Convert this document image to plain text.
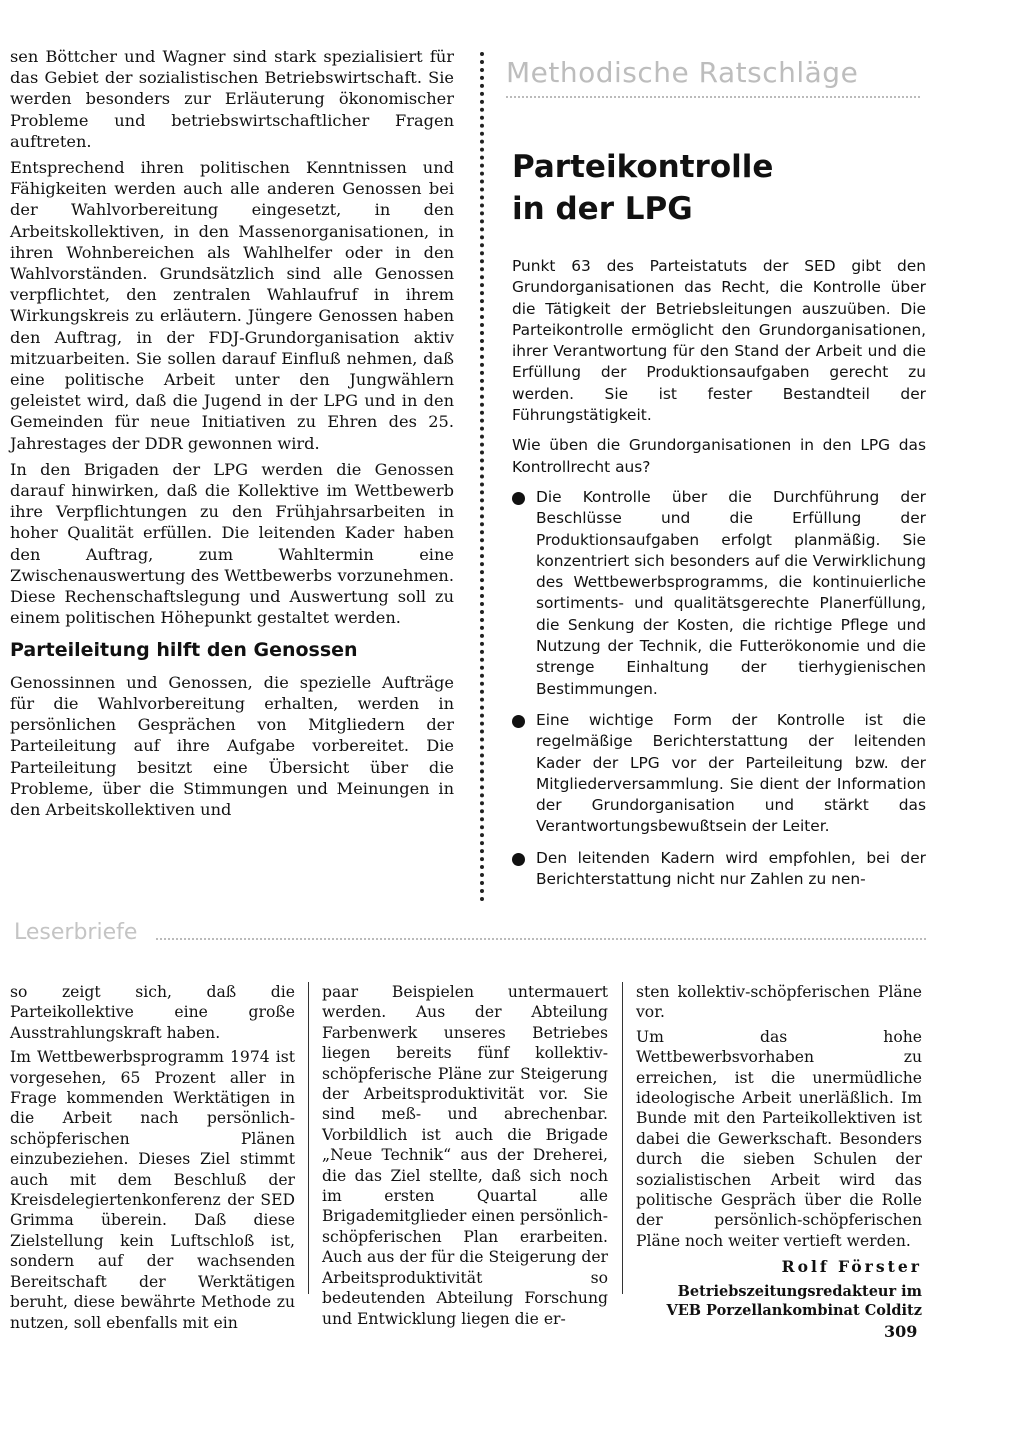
sen Böttcher und Wagner sind stark spezialisiert für das Gebiet der sozialistischen Betriebswirtschaft. Sie werden besonders zur Erläuterung ökonomischer Probleme und betriebswirtschaftlicher Fragen auftreten.

Entsprechend ihren politischen Kenntnissen und Fähigkeiten werden auch alle anderen Genossen bei der Wahlvorbereitung eingesetzt, in den Arbeitskollektiven, in den Massenorganisationen, in ihren Wohnbereichen als Wahlhelfer oder in den Wahlvorständen. Grundsätzlich sind alle Genossen verpflichtet, den zentralen Wahlaufruf in ihrem Wirkungskreis zu erläutern. Jüngere Genossen haben den Auftrag, in der FDJ-Grundorganisation aktiv mitzuarbeiten. Sie sollen darauf Einfluß nehmen, daß eine politische Arbeit unter den Jungwählern geleistet wird, daß die Jugend in der LPG und in den Gemeinden für neue Initiativen zu Ehren des 25. Jahrestages der DDR gewonnen wird.

In den Brigaden der LPG werden die Genossen darauf hinwirken, daß die Kollektive im Wettbewerb ihre Verpflichtungen zu den Frühjahrsarbeiten in hoher Qualität erfüllen. Die leitenden Kader haben den Auftrag, zum Wahltermin eine Zwischenauswertung des Wettbewerbs vorzunehmen. Diese Rechenschaftslegung und Auswertung soll zu einem politischen Höhepunkt gestaltet werden.

Parteileitung hilft den Genossen

Genossinnen und Genossen, die spezielle Aufträge für die Wahlvorbereitung erhalten, werden in persönlichen Gesprächen von Mitgliedern der Parteileitung auf ihre Aufgabe vorbereitet. Die Parteileitung besitzt eine Übersicht über die Probleme, über die Stimmungen und Meinungen in den Arbeitskollektiven und

Methodische Ratschläge
Parteikontrolle
in der LPG

Punkt 63 des Parteistatuts der SED gibt den Grundorganisationen das Recht, die Kontrolle über die Tätigkeit der Betriebsleitungen auszuüben. Die Parteikontrolle ermöglicht den Grundorganisationen, ihrer Verantwortung für den Stand der Arbeit und die Erfüllung der Produktionsaufgaben gerecht zu werden. Sie ist fester Bestandteil der Führungstätigkeit.

Wie üben die Grundorganisationen in den LPG das Kontrollrecht aus?

Die Kontrolle über die Durchführung der Beschlüsse und die Erfüllung der Produktionsaufgaben erfolgt planmäßig. Sie konzentriert sich besonders auf die Verwirklichung des Wettbewerbsprogramms, die kontinuierliche sortiments- und qualitätsgerechte Planerfüllung, die Senkung der Kosten, die richtige Pflege und Nutzung der Technik, die Futterökonomie und die strenge Einhaltung der tierhygienischen Bestimmungen.
Eine wichtige Form der Kontrolle ist die regelmäßige Berichterstattung der leitenden Kader der LPG vor der Parteileitung bzw. der Mitgliederversammlung. Sie dient der Information der Grundorganisation und stärkt das Verantwortungsbewußtsein der Leiter.
Den leitenden Kadern wird empfohlen, bei der Berichterstattung nicht nur Zahlen zu nen-
Leserbriefe

so zeigt sich, daß die Parteikollektive eine große Ausstrahlungskraft haben.

Im Wettbewerbsprogramm 1974 ist vorgesehen, 65 Prozent aller in Frage kommenden Werktätigen in die Arbeit nach persönlich-schöpferischen Plänen einzubeziehen. Dieses Ziel stimmt auch mit dem Beschluß der Kreisdelegiertenkonferenz der SED Grimma überein. Daß diese Zielstellung kein Luftschloß ist, sondern auf der wachsenden Bereitschaft der Werktätigen beruht, diese bewährte Methode zu nutzen, soll ebenfalls mit ein

paar Beispielen untermauert werden. Aus der Abteilung Farbenwerk unseres Betriebes liegen bereits fünf kollektiv-schöpferische Pläne zur Steigerung der Arbeitsproduktivität vor. Sie sind meß- und abrechenbar. Vorbildlich ist auch die Brigade „Neue Technik“ aus der Dreherei, die das Ziel stellte, daß sich noch im ersten Quartal alle Brigademitglieder einen persönlich-schöpferischen Plan erarbeiten. Auch aus der für die Steigerung der Arbeitsproduktivität so bedeutenden Abteilung Forschung und Entwicklung liegen die er-

sten kollektiv-schöpferischen Pläne vor.

Um das hohe Wettbewerbsvorhaben zu erreichen, ist die unermüdliche ideologische Arbeit unerläßlich. Im Bunde mit den Parteikollektiven ist dabei die Gewerkschaft. Besonders durch die sieben Schulen der sozialistischen Arbeit wird das politische Gespräch über die Rolle der persönlich-schöpferischen Pläne noch weiter vertieft werden.

Rolf Förster

Betriebszeitungsredakteur im
VEB Porzellankombinat Colditz

309
